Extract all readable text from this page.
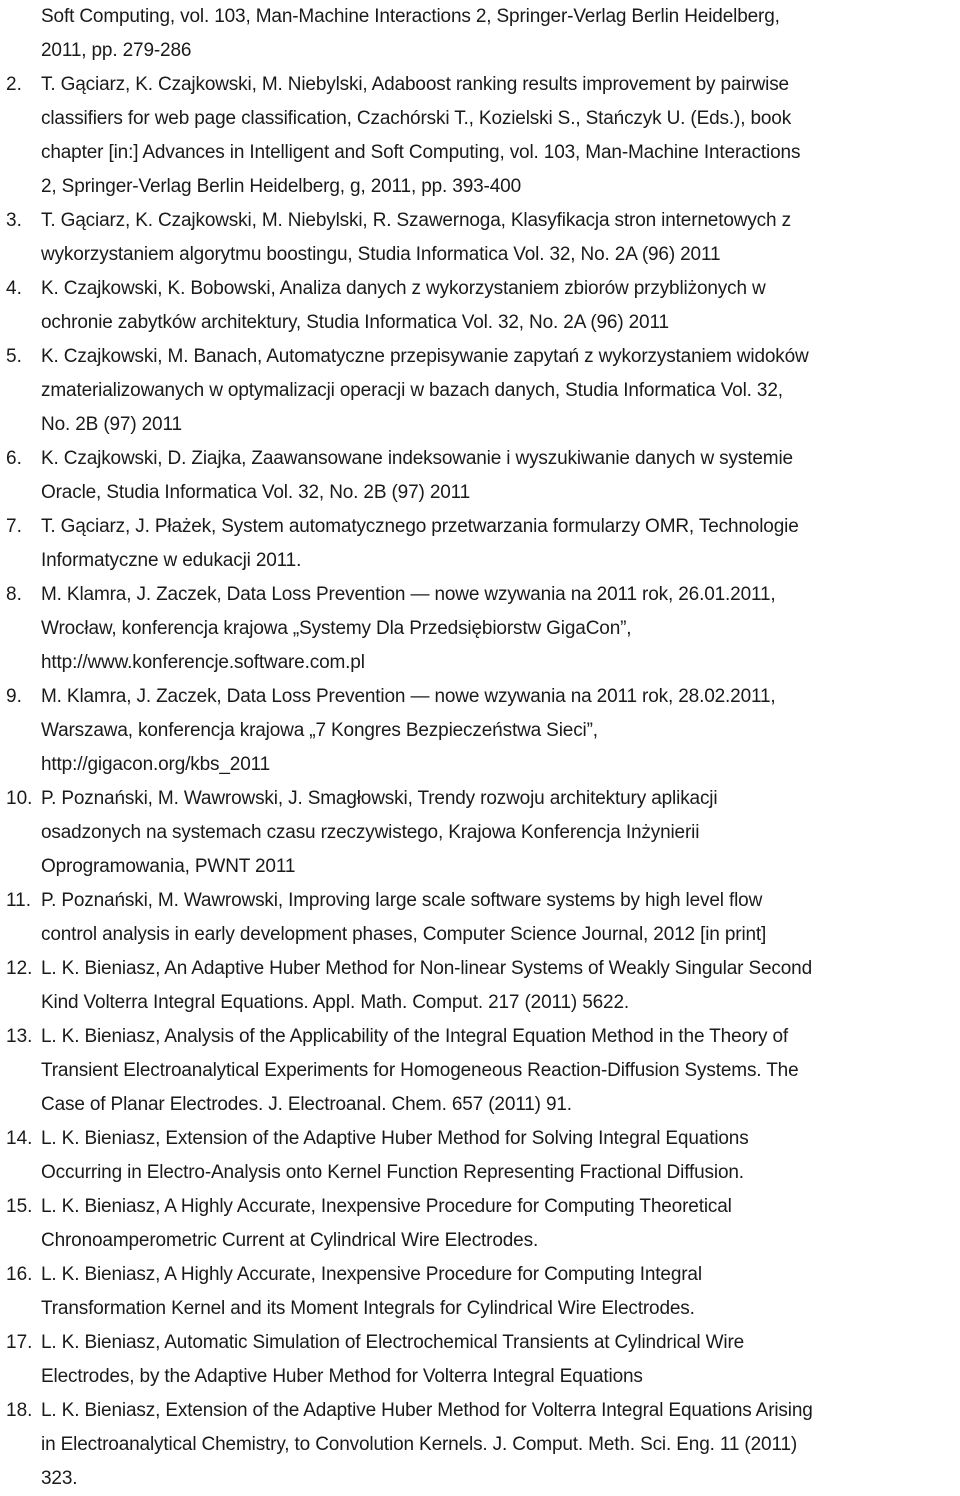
Soft Computing, vol. 103, Man-Machine Interactions 2, Springer-Verlag Berlin Heidelberg,
2011, pp. 279-286
2.	T. Gąciarz, K. Czajkowski, M. Niebylski, Adaboost ranking results improvement by pairwise
classifiers for web page classification, Czachórski T., Kozielski S., Stańczyk U. (Eds.), book
chapter [in:] Advances in Intelligent and Soft Computing, vol. 103, Man-Machine Interactions
2, Springer-Verlag Berlin Heidelberg, g, 2011, pp. 393-400
3.	T. Gąciarz, K. Czajkowski, M. Niebylski, R. Szawernoga, Klasyfikacja stron internetowych z
wykorzystaniem algorytmu boostingu, Studia Informatica Vol. 32, No. 2A (96) 2011
4.	K. Czajkowski, K. Bobowski, Analiza danych z wykorzystaniem zbiorów przybliżonych w
ochronie zabytków architektury, Studia Informatica Vol. 32, No. 2A (96) 2011
5.	K. Czajkowski, M. Banach, Automatyczne przepisywanie zapytań z wykorzystaniem widoków
zmaterializowanych w optymalizacji operacji w bazach danych, Studia Informatica Vol. 32,
No. 2B (97) 2011
6.	K. Czajkowski, D. Ziajka, Zaawansowane indeksowanie i wyszukiwanie danych w systemie
Oracle, Studia Informatica Vol. 32, No. 2B (97) 2011
7.	T. Gąciarz, J. Płażek, System automatycznego przetwarzania formularzy OMR, Technologie
Informatyczne w edukacji 2011.
8.	M. Klamra, J. Zaczek, Data Loss Prevention — nowe wzywania na 2011 rok, 26.01.2011,
Wrocław, konferencja krajowa „Systemy Dla Przedsiębiorstw GigaCon”,
http://www.konferencje.software.com.pl
9.	M. Klamra, J. Zaczek, Data Loss Prevention — nowe wzywania na 2011 rok, 28.02.2011,
Warszawa, konferencja krajowa „7 Kongres Bezpieczeństwa Sieci”,
http://gigacon.org/kbs_2011
10. P. Poznański, M. Wawrowski, J. Smagłowski, Trendy rozwoju architektury aplikacji
osadzonych na systemach czasu rzeczywistego, Krajowa Konferencja Inżynierii
Oprogramowania, PWNT 2011
11. P. Poznański, M. Wawrowski, Improving large scale software systems by high level flow
control analysis in early development phases, Computer Science Journal, 2012 [in print]
12. L. K. Bieniasz, An Adaptive Huber Method for Non-linear Systems of Weakly Singular Second
Kind Volterra Integral Equations. Appl. Math. Comput. 217 (2011) 5622.
13. L. K. Bieniasz, Analysis of the Applicability of the Integral Equation Method in the Theory of
Transient Electroanalytical Experiments for Homogeneous Reaction-Diffusion Systems. The
Case of Planar Electrodes. J. Electroanal. Chem. 657 (2011) 91.
14. L. K. Bieniasz, Extension of the Adaptive Huber Method for Solving Integral Equations
Occurring in Electro-Analysis onto Kernel Function Representing Fractional Diffusion.
15. L. K. Bieniasz, A Highly Accurate, Inexpensive Procedure for Computing Theoretical
Chronoamperometric Current at Cylindrical Wire Electrodes.
16. L. K. Bieniasz, A Highly Accurate, Inexpensive Procedure for Computing Integral
Transformation Kernel and its Moment Integrals for Cylindrical Wire Electrodes.
17. L. K. Bieniasz, Automatic Simulation of Electrochemical Transients at Cylindrical Wire
Electrodes, by the Adaptive Huber Method for Volterra Integral Equations
18. L. K. Bieniasz, Extension of the Adaptive Huber Method for Volterra Integral Equations Arising
in Electroanalytical Chemistry, to Convolution Kernels. J. Comput. Meth. Sci. Eng. 11 (2011)
323.
